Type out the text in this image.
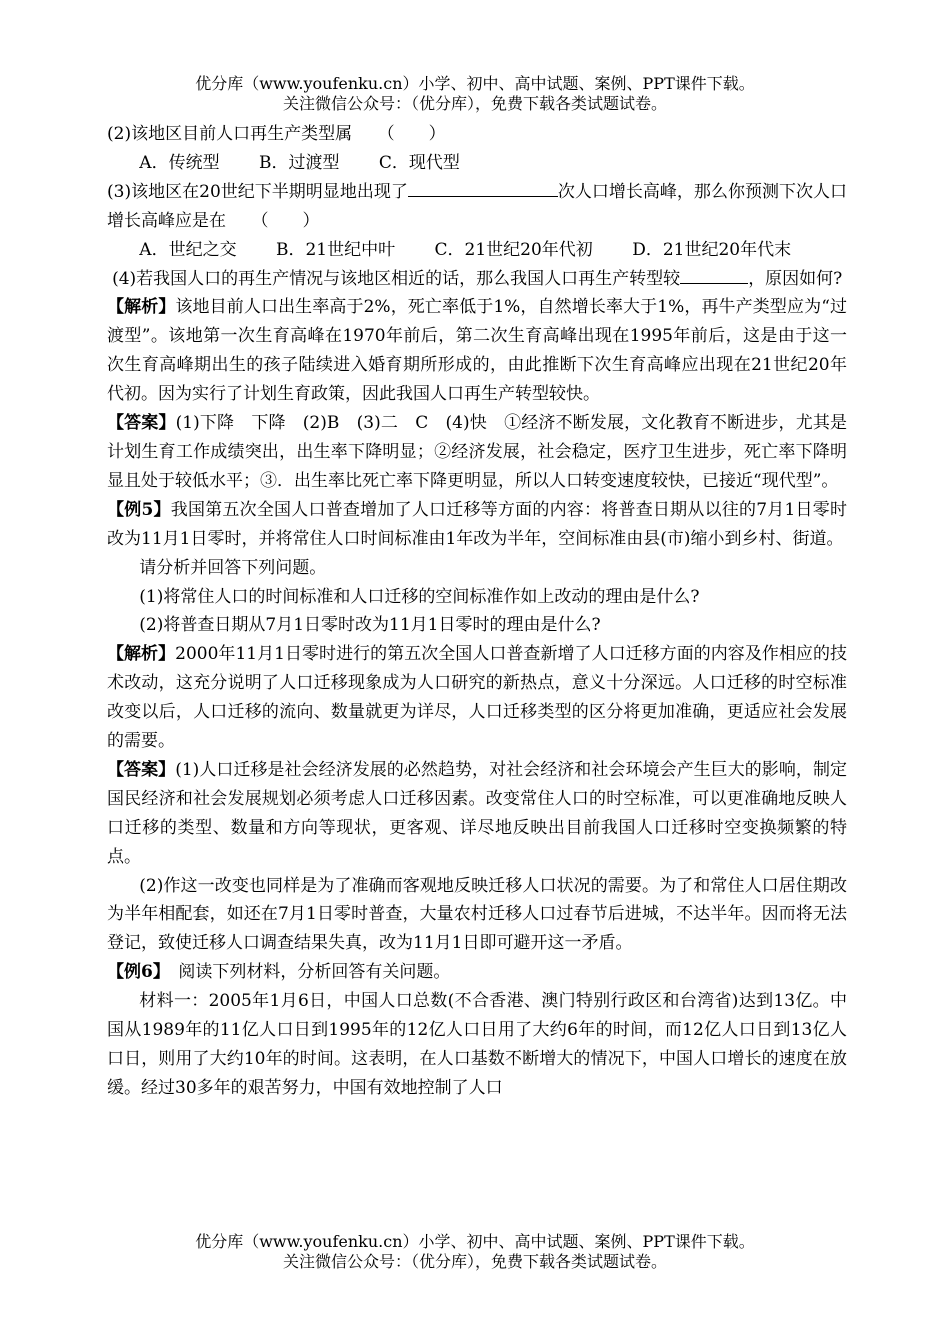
优分库（www.youfenku.cn）小学、初中、高中试题、案例、PPT课件下载。
关注微信公众号：（优分库），免费下载各类试题试卷。

(2)该地区目前人口再生产类型属　　（　　）

A．传统型 B．过渡型 C．现代型

(3)该地区在20世纪下半期明显地出现了	次人口增长高峰，那么你预测下次人口增长高峰应是在　　（　　）

A．世纪之交 B．21世纪中叶 C．21世纪20年代初 D．21世纪20年代末

(4)若我国人口的再生产情况与该地区相近的话，那么我国人口再生产转型较	，原因如何?

【解析】该地目前人口出生率高于2%，死亡率低于1%，自然增长率大于1%，再牛产类型应为“过渡型”。该地第一次生育高峰在1970年前后，第二次生育高峰出现在1995年前后，这是由于这一次生育高峰期出生的孩子陆续进入婚育期所形成的，由此推断下次生育高峰应出现在21世纪20年代初。因为实行了计划生育政策，因此我国人口再生产转型较快。

【答案】(1)下降　下降　(2)B　(3)二　C　(4)快　①经济不断发展，文化教育不断进步，尤其是计划生育工作成绩突出，出生率下降明显；②经济发展，社会稳定，医疗卫生进步，死亡率下降明显且处于较低水平；③．出生率比死亡率下降更明显，所以人口转变速度较快，已接近“现代型”。

【例5】我国第五次全国人口普查增加了人口迁移等方面的内容：将普查日期从以往的7月1日零时改为11月1日零时，并将常住人口时间标准由1年改为半年，空间标准由县(市)缩小到乡村、街道。

请分析并回答下列问题。

(1)将常住人口的时间标准和人口迁移的空间标准作如上改动的理由是什么?

(2)将普查日期从7月1日零时改为11月1日零时的理由是什么?

【解析】2000年11月1日零时进行的第五次全国人口普查新增了人口迁移方面的内容及作相应的技术改动，这充分说明了人口迁移现象成为人口研究的新热点，意义十分深远。人口迁移的时空标准改变以后，人口迁移的流向、数量就更为详尽，人口迁移类型的区分将更加准确，更适应社会发展的需要。

【答案】(1)人口迁移是社会经济发展的必然趋势，对社会经济和社会环境会产生巨大的影响，制定国民经济和社会发展规划必须考虑人口迁移因素。改变常住人口的时空标准，可以更准确地反映人口迁移的类型、数量和方向等现状，更客观、详尽地反映出目前我国人口迁移时空变换频繁的特点。

(2)作这一改变也同样是为了准确而客观地反映迁移人口状况的需要。为了和常住人口居住期改为半年相配套，如还在7月1日零时普查，大量农村迁移人口过春节后进城，不达半年。因而将无法登记，致使迁移人口调查结果失真，改为11月1日即可避开这一矛盾。

【例6】　阅读下列材料，分析回答有关问题。

材料一：2005年1月6日，中国人口总数(不合香港、澳门特别行政区和台湾省)达到13亿。中国从1989年的11亿人口日到1995年的12亿人口日用了大约6年的时间，而12亿人口日到13亿人口日，则用了大约10年的时间。这表明，在人口基数不断增大的情况下，中国人口增长的速度在放缓。经过30多年的艰苦努力，中国有效地控制了人口

优分库（www.youfenku.cn）小学、初中、高中试题、案例、PPT课件下载。
关注微信公众号：（优分库），免费下载各类试题试卷。
